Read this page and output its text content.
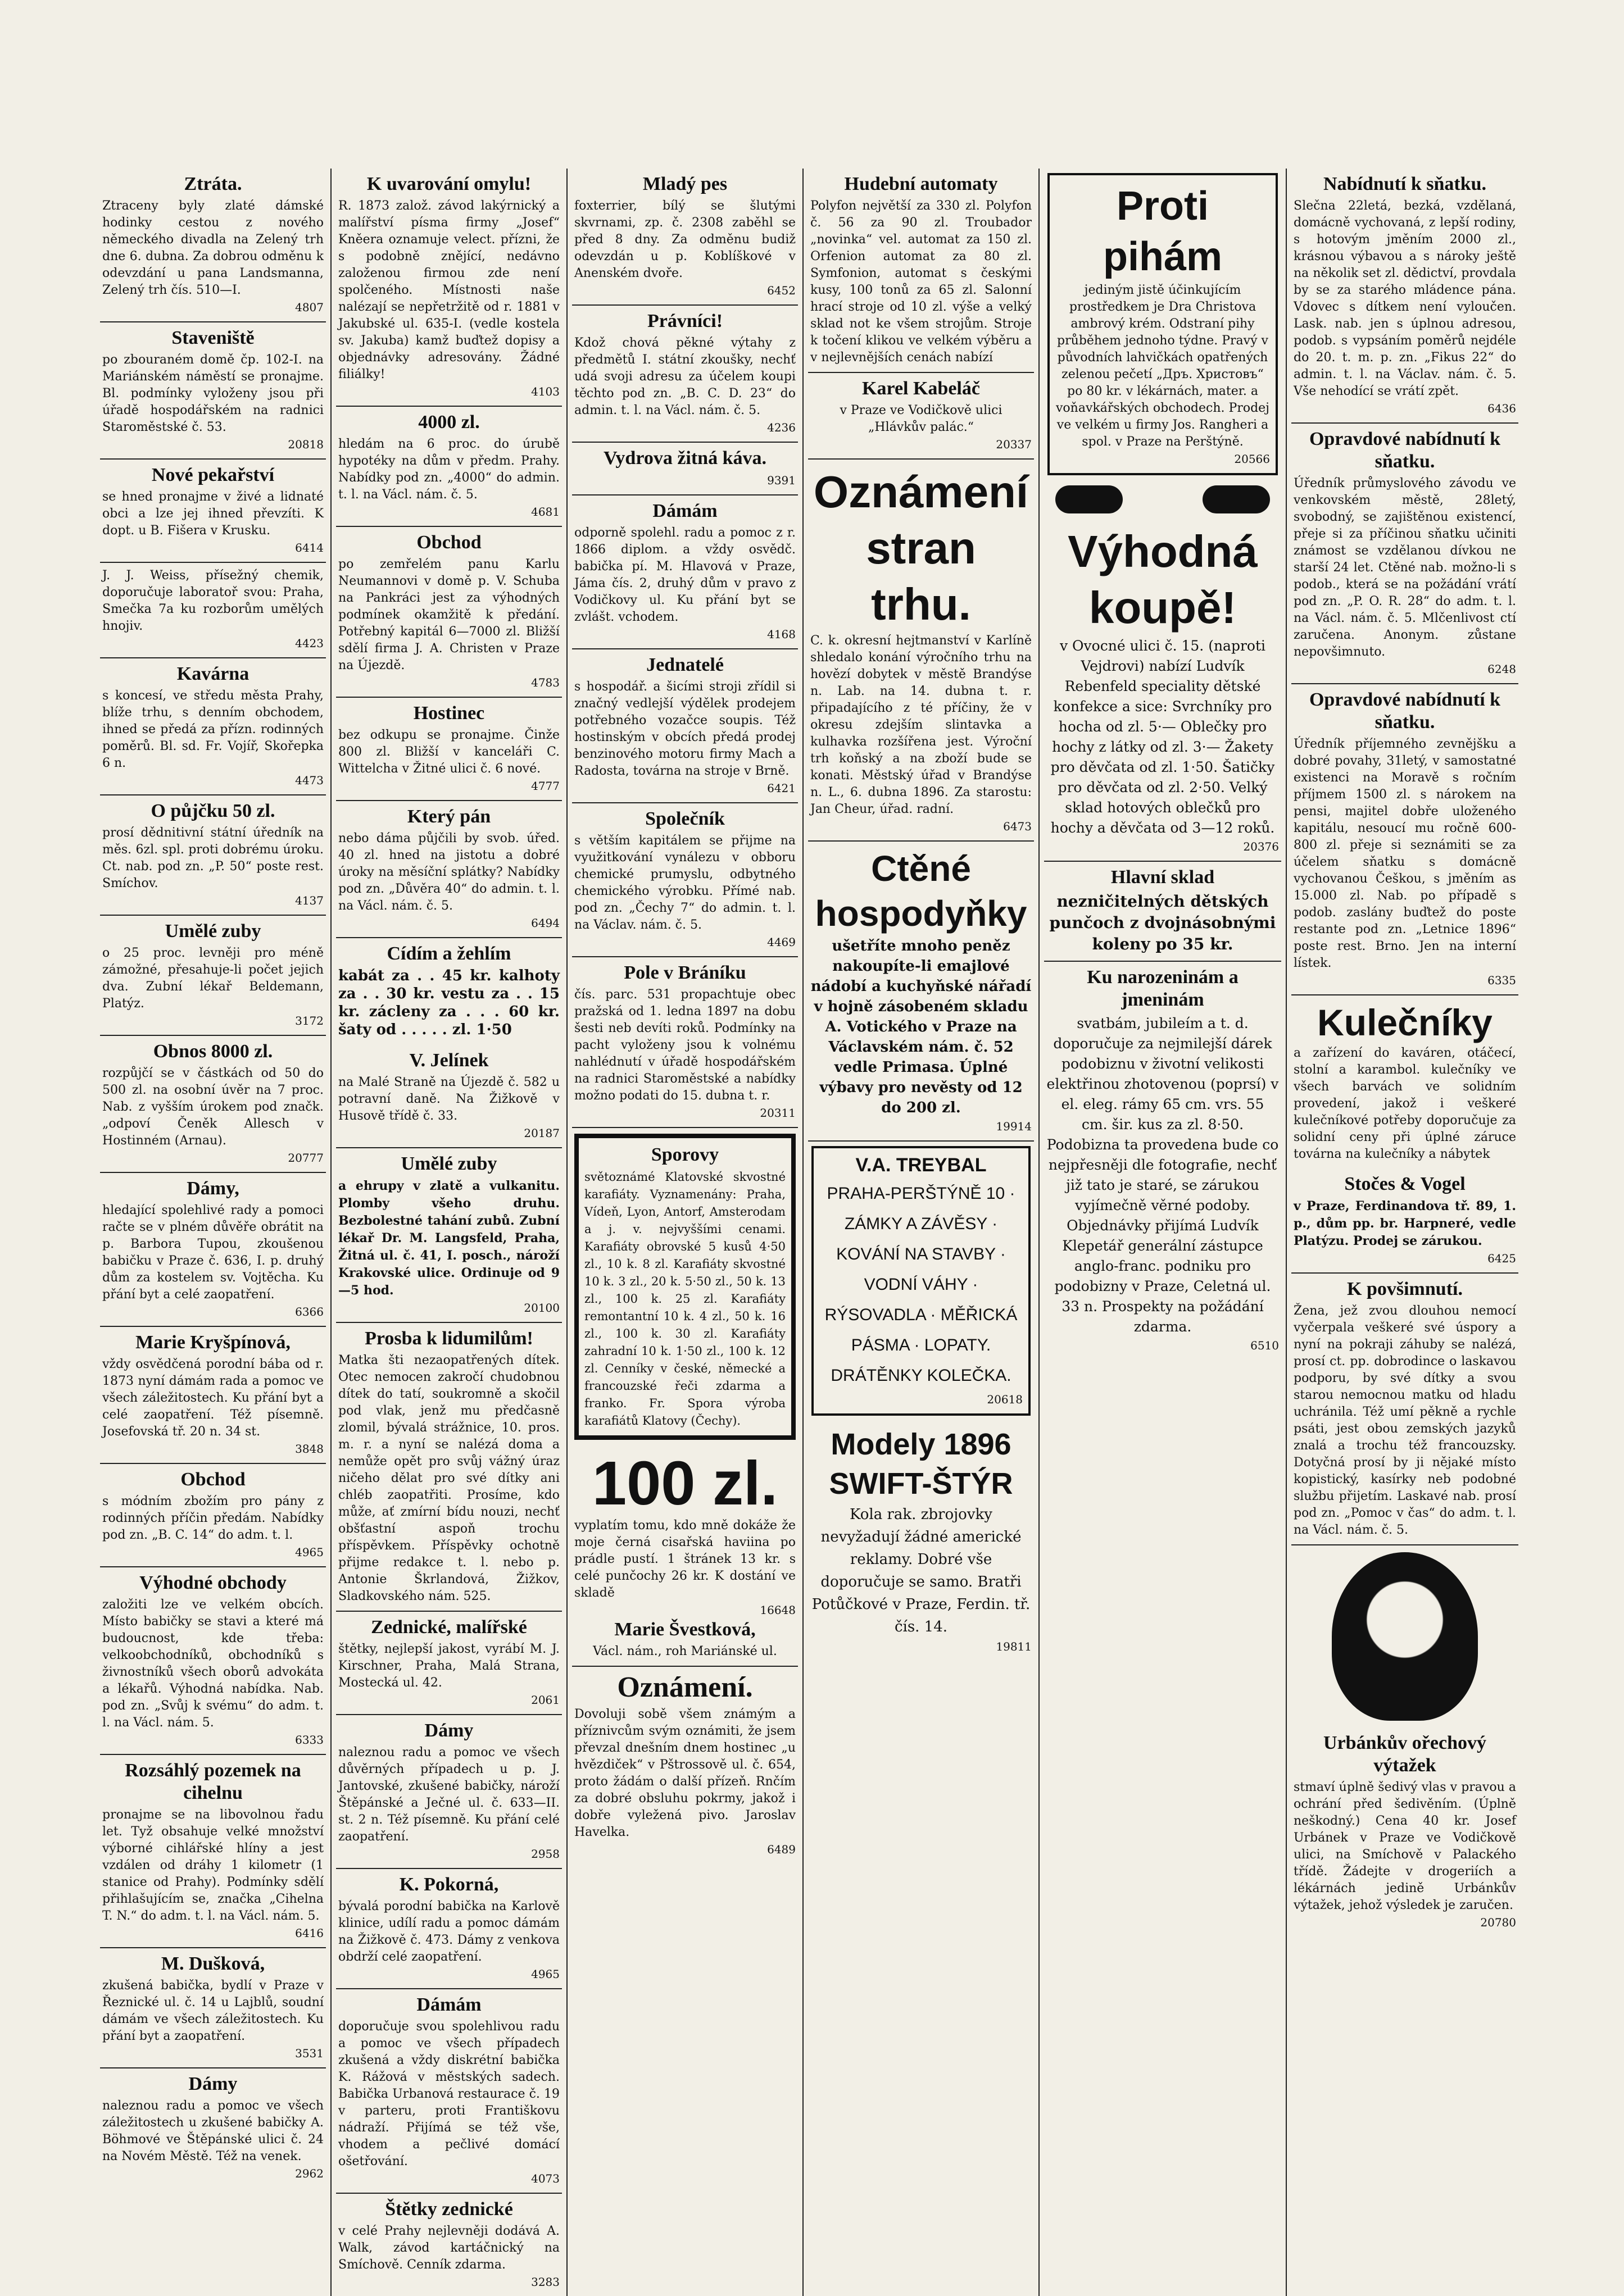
Ztráta.
Ztraceny byly zlaté dámské hodinky cestou z nového německého divadla na Zelený trh dne 6. dubna. Za dobrou odměnu k odevzdání u pana Landsmanna, Zelený trh čís. 510—I.
4807
Staveniště
po zbouraném domě čp. 102-I. na Mariánském náměstí se pronajme. Bl. podmínky vyloženy jsou při úřadě hospodářském na radnici Staroměstské č. 53.
20818
Nové pekařství
se hned pronajme v živé a lidnaté obci a lze jej ihned převzíti. K dopt. u B. Fišera v Krusku.
6414
J. J. Weiss, přísežný chemik, doporučuje laboratoř svou: Praha, Smečka 7a ku rozborům umělých hnojiv.
4423
Kavárna
s koncesí, ve středu města Prahy, blíže trhu, s denním obchodem, ihned se předá za přízn. rodinných poměrů. Bl. sd. Fr. Vojíř, Skořepka 6 n.
4473
O půjčku 50 zl.
prosí dědnitivní státní úředník na měs. 6zl. spl. proti dobrému úroku. Ct. nab. pod zn. „P. 50“ poste rest. Smíchov.
4137
Umělé zuby
o 25 proc. levněji pro méně zámožné, přesahuje-li počet jejich dva. Zubní lékař Beldemann, Platýz.
3172
Obnos 8000 zl.
rozpůjčí se v částkách od 50 do 500 zl. na osobní úvěr na 7 proc. Nab. z vyšším úrokem pod značk. „odpoví Čeněk Allesch v Hostinném (Arnau).
20777
Dámy,
hledající spolehlivé rady a pomoci račte se v plném důvěře obrátit na p. Barbora Tupou, zkoušenou babičku v Praze č. 636, I. p. druhý dům za kostelem sv. Vojtěcha. Ku přání byt a celé zaopatření.
6366
Marie Kryšpínová,
vždy osvědčená porodní bába od r. 1873 nyní dámám rada a pomoc ve všech záležitostech. Ku přání byt a celé zaopatření. Též písemně. Josefovská tř. 20 n. 34 st.
3848
Obchod
s módním zbožím pro pány z rodinných příčin předám. Nabídky pod zn. „B. C. 14“ do adm. t. l.
4965
Výhodné obchody
založiti lze ve velkém obcích. Místo babičky se stavi a které má budoucnost, kde třeba: velkoobchodníků, obchodníků s živnostníků všech oborů advokáta a lékařů. Výhodná nabídka. Nab. pod zn. „Svůj k svému“ do adm. t. l. na Václ. nám. 5.
6333
Rozsáhlý pozemek na cihelnu
pronajme se na libovolnou řadu let. Tyž obsahuje velké množství výborné cihlářské hlíny a jest vzdálen od dráhy 1 kilometr (1 stanice od Prahy). Podmínky sdělí přihlašujícím se, značka „Cihelna T. N.“ do adm. t. l. na Václ. nám. 5.
6416
M. Dušková,
zkušená babička, bydlí v Praze v Řeznické ul. č. 14 u Lajblů, soudní dámám ve všech záležitostech. Ku přání byt a zaopatření.
3531
Dámy
naleznou radu a pomoc ve všech záležitostech u zkušené babičky A. Böhmové ve Štěpánské ulici č. 24 na Novém Městě. Též na venek.
2962
K uvarování omylu!
R. 1873 založ. závod lakýrnický a malířství písma firmy „Josef“ Kněera oznamuje velect. přízni, že s podobně znějící, nedávno založenou firmou zde není spolčeného. Místnosti naše nalézají se nepřetržitě od r. 1881 v Jakubské ul. 635-I. (vedle kostela sv. Jakuba) kamž buďtež dopisy a objednávky adresovány. Žádné filiálky!
4103
4000 zl.
hledám na 6 proc. do úrubě hypotéky na dům v předm. Prahy. Nabídky pod zn. „4000“ do admin. t. l. na Václ. nám. č. 5.
4681
Obchod
po zemřelém panu Karlu Neumannovi v domě p. V. Schuba na Pankráci jest za výhodných podmínek okamžitě k předání. Potřebný kapitál 6—7000 zl. Bližší sdělí firma J. A. Christen v Praze na Újezdě.
4783
Hostinec
bez odkupu se pronajme. Činže 800 zl. Bližší v kanceláři C. Wittelcha v Žitné ulici č. 6 nové.
4777
Který pán
nebo dáma půjčili by svob. úřed. 40 zl. hned na jistotu a dobré úroky na měsíční splátky? Nabídky pod zn. „Důvěra 40“ do admin. t. l. na Václ. nám. č. 5.
6494
Cídím a žehlím
kabát za . . 45 kr. kalhoty za . . 30 kr. vestu za . . 15 kr. zácleny za . . . 60 kr. šaty od . . . . . zl. 1·50
V. Jelínek
na Malé Straně na Újezdě č. 582 u potravní daně. Na Žižkově v Husově třídě č. 33.
20187
Umělé zuby
a ehrupy v zlatě a vulkanitu. Plomby všeho druhu. Bezbolestné tahání zubů. Zubní lékař Dr. M. Langsfeld, Praha, Žitná ul. č. 41, I. posch., nároží Krakovské ulice. Ordinuje od 9—5 hod.
20100
Prosba k lidumilům!
Matka šti nezaopatřených dítek. Otec nemocen zakročí chudobnou dítek do tatí, soukromně a skočil pod vlak, jenž mu předčasně zlomil, bývalá strážnice, 10. pros. m. r. a nyní se nalézá doma a nemůže opět pro svůj vážný úraz ničeho dělat pro své dítky ani chléb zaopatřiti. Prosíme, kdo může, ať zmírní bídu nouzi, nechť obšťastní aspoň trochu příspěvkem. Příspěvky ochotně přijme redakce t. l. nebo p. Antonie Škrlandová, Žižkov, Sladkovského nám. 525.
Zednické, malířské
štětky, nejlepší jakost, vyrábí M. J. Kirschner, Praha, Malá Strana, Mostecká ul. 42.
2061
Dámy
naleznou radu a pomoc ve všech důvěrných případech u p. J. Jantovské, zkušené babičky, nároží Štěpánské a Ječné ul. č. 633—II. st. 2 n. Též písemně. Ku přání celé zaopatření.
2958
K. Pokorná,
bývalá porodní babička na Karlově klinice, udílí radu a pomoc dámám na Žižkově č. 473. Dámy z venkova obdrží celé zaopatření.
4965
Dámám
doporučuje svou spolehlivou radu a pomoc ve všech případech zkušená a vždy diskrétní babička K. Rážová v městských sadech. Babička Urbanová restaurace č. 19 v parteru, proti Františkovu nádraží. Přijímá se též vše, vhodem a pečlivé domácí ošetřování.
4073
Štětky zednické
v celé Prahy nejlevněji dodává A. Walk, závod kartáčnický na Smíchově. Cenník zdarma.
3283
Mladý pes
foxterrier, bílý se šlutými skvrnami, zp. č. 2308 zaběhl se před 8 dny. Za odměnu budiž odevzdán u p. Koblíškové v Anenském dvoře.
6452
Právníci!
Kdož chová pěkné výtahy z předmětů I. státní zkoušky, nechť udá svoji adresu za účelem koupi těchto pod zn. „B. C. D. 23“ do admin. t. l. na Václ. nám. č. 5.
4236
Vydrova žitná káva.
9391
Dámám
odporně spolehl. radu a pomoc z r. 1866 diplom. a vždy osvědč. babička pí. M. Hlavová v Praze, Jáma čís. 2, druhý dům v pravo z Vodičkovy ul. Ku přání byt se zvlášt. vchodem.
4168
Jednatelé
s hospodář. a šicími stroji zřídil si značný vedlejší výdělek prodejem potřebného vozačce soupis. Též hostinským v obcích předá prodej benzinového motoru firmy Mach a Radosta, továrna na stroje v Brně.
6421
Společník
s větším kapitálem se přijme na využitkování vynálezu v obboru chemické prumyslu, odbytného chemického výrobku. Přímé nab. pod zn. „Čechy 7“ do admin. t. l. na Václav. nám. č. 5.
4469
Pole v Bráníku
čís. parc. 531 propachtuje obec pražská od 1. ledna 1897 na dobu šesti neb devíti roků. Podmínky na pacht vyloženy jsou k volnému nahlédnutí v úřadě hospodářském na radnici Staroměstské a nabídky možno podati do 15. dubna t. r.
20311
Sporovy
světoznámé Klatovské skvostné karafiáty. Vyznamenány: Praha, Vídeň, Lyon, Antorf, Amsterodam a j. v. nejvyššími cenami. Karafiáty obrovské 5 kusů 4·50 zl., 10 k. 8 zl. Karafiáty skvostné 10 k. 3 zl., 20 k. 5·50 zl., 50 k. 13 zl., 100 k. 25 zl. Karafiáty remontantní 10 k. 4 zl., 50 k. 16 zl., 100 k. 30 zl. Karafiáty zahradní 10 k. 1·50 zl., 100 k. 12 zl. Cenníky v české, německé a francouzské řeči zdarma a franko. Fr. Spora výroba karafiátů Klatovy (Čechy).
100 zl.
vyplatím tomu, kdo mně dokáže že moje černá cisařská haviina po prádle pustí. 1 štránek 13 kr. s celé punčochy 26 kr. K dostání ve skladě
16648
Marie Švestková,
Václ. nám., roh Mariánské ul.
Oznámení.
Dovoluji sobě všem známým a příznivcům svým oznámiti, že jsem převzal dnešním dnem hostinec „u hvězdiček“ v Pštrossově ul. č. 654, proto žádám o další přízeň. Rnčím za dobré obsluhu pokrmy, jakož i dobře vyležená pivo. Jaroslav Havelka.
6489
Hudební automaty
Polyfon největší za 330 zl. Polyfon č. 56 za 90 zl. Troubador „novinka“ vel. automat za 150 zl. Orfenion automat za 80 zl. Symfonion, automat s českými kusy, 100 tonů za 65 zl. Salonní hrací stroje od 10 zl. výše a velký sklad not ke všem strojům. Stroje k točení klikou ve velkém výběru a v nejlevnějších cenách nabízí
Karel Kabeláč
v Praze ve Vodičkově ulici „Hlávkův palác.“
20337
Oznámení stran trhu.
C. k. okresní hejtmanství v Karlíně shledalo konání výročního trhu na hovězí dobytek v městě Brandýse n. Lab. na 14. dubna t. r. připadajícího z té příčiny, že v okresu zdejším slintavka a kulhavka rozšířena jest. Výroční trh koňský a na zboží bude se konati. Městský úřad v Brandýse n. L., 6. dubna 1896. Za starostu: Jan Cheur, úřad. radní.
6473
Ctěné hospodyňky
ušetříte mnoho peněz nakoupíte-li emajlové nádobí a kuchyňské nářadí v hojně zásobeném skladu A. Votického v Praze na Václavském nám. č. 52 vedle Primasa. Úplné výbavy pro nevěsty od 12 do 200 zl.
19914
V.A. TREYBAL
PRAHA-PERŠTÝNĚ 10 · ZÁMKY A ZÁVĚSY · KOVÁNÍ NA STAVBY · VODNÍ VÁHY · RÝSOVADLA · MĚŘICKÁ PÁSMA · LOPATY. DRÁTĚNKY KOLEČKA.
20618
Modely 1896 SWIFT-ŠTÝR
Kola rak. zbrojovky nevyžadují žádné americké reklamy. Dobré vše doporučuje se samo. Bratři Potůčkové v Praze, Ferdin. tř. čís. 14.
19811
Proti pihám
jediným jistě účinkujícím prostředkem je Dra Christova ambrový krém. Odstraní pihy průběhem jednoho týdne. Pravý v původních lahvičkách opatřených zelenou pečetí „Дръ. Христовъ“ po 80 kr. v lékárnách, mater. a voňavkářských obchodech. Prodej ve velkém u firmy Jos. Rangheri a spol. v Praze na Perštýně.
20566
Výhodná koupě!
v Ovocné ulici č. 15. (naproti Vejdrovi) nabízí Ludvík Rebenfeld speciality dětské konfekce a sice: Svrchníky pro hocha od zl. 5·— Oblečky pro hochy z látky od zl. 3·— Žakety pro děvčata od zl. 1·50. Šatičky pro děvčata od zl. 2·50. Velký sklad hotových oblečků pro hochy a děvčata od 3—12 roků.
20376
Hlavní sklad
nezničitelných dětských punčoch z dvojnásobnými koleny po 35 kr.
Ku narozeninám a jmeninám
svatbám, jubileím a t. d. doporučuje za nejmilejší dárek podobiznu v životní velikosti elektřinou zhotovenou (poprsí) v el. eleg. rámy 65 cm. vrs. 55 cm. šir. kus za zl. 8·50. Podobizna ta provedena bude co nejpřesněji dle fotografie, nechť již tato je staré, se zárukou vyjímečně věrné podoby. Objednávky přijímá Ludvík Klepetář generální zástupce anglo-franc. podniku pro podobizny v Praze, Celetná ul. 33 n. Prospekty na požádání zdarma.
6510
Nabídnutí k sňatku.
Slečna 22letá, bezká, vzdělaná, domácně vychovaná, z lepší rodiny, s hotovým jměním 2000 zl., krásnou výbavou a s nároky ještě na několik set zl. dědictví, provdala by se za starého mládence pána. Vdovec s dítkem není vyloučen. Lask. nab. jen s úplnou adresou, podob. s vypsáním poměrů nejdéle do 20. t. m. p. zn. „Fikus 22“ do admin. t. l. na Václav. nám. č. 5. Vše nehodící se vrátí zpět.
6436
Opravdové nabídnutí k sňatku.
Úředník průmyslového závodu ve venkovském městě, 28letý, svobodný, se zajištěnou existencí, přeje si za příčinou sňatku učiniti známost se vzdělanou dívkou ne starší 24 let. Ctěné nab. možno-li s podob., která se na požádání vrátí pod zn. „P. O. R. 28“ do adm. t. l. na Václ. nám. č. 5. Mlčenlivost ctí zaručena. Anonym. zůstane nepovšimnuto.
6248
Opravdové nabídnutí k sňatku.
Úředník příjemného zevnějšku a dobré povahy, 31letý, v samostatné existenci na Moravě s ročním příjmem 1500 zl. s nárokem na pensi, majitel dobře uloženého kapitálu, nesoucí mu ročně 600-800 zl. přeje si seznámiti se za účelem sňatku s domácně vychovanou Češkou, s jměním as 15.000 zl. Nab. po případě s podob. zaslány buďtež do poste restante pod zn. „Letnice 1896“ poste rest. Brno. Jen na interní lístek.
6335
Kulečníky
a zařízení do kaváren, otáčecí, stolní a karambol. kulečníky ve všech barvách ve solidním provedení, jakož i veškeré kulečníkové potřeby doporučuje za solidní ceny při úplné záruce továrna na kulečníky a nábytek
Stočes & Vogel
v Praze, Ferdinandova tř. 89, 1. p., dům pp. br. Harpneré, vedle Platýzu. Prodej se zárukou.
6425
K povšimnutí.
Žena, jež zvou dlouhou nemocí vyčerpala veškeré své úspory a nyní na pokraji záhuby se nalézá, prosí ct. pp. dobrodince o laskavou podporu, by své dítky a svou starou nemocnou matku od hladu uchránila. Též umí pěkně a rychle psáti, jest obou zemských jazyků znalá a trochu též francouzsky. Dotyčná prosí by ji nějaké místo kopistický, kasírky neb podobné službu přijetím. Laskavé nab. prosí pod zn. „Pomoc v čas“ do adm. t. l. na Václ. nám. č. 5.
Urbánkův ořechový výtažek
stmaví úplně šedivý vlas v pravou a ochrání před šedivěním. (Úplně neškodný.) Cena 40 kr. Josef Urbánek v Praze ve Vodičkově ulici, na Smíchově v Palackého třídě. Žádejte v drogeriích a lékárnách jedině Urbánkův výtažek, jehož výsledek je zaručen.
20780
